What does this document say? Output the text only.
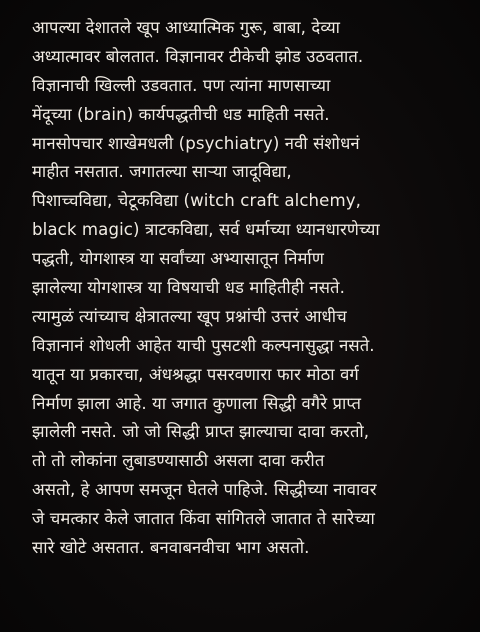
आपल्या देशातले खूप आध्यात्मिक गुरू, बाबा, देव्या
अध्यात्मावर बोलतात. विज्ञानावर टीकेची झोड उठवतात.
विज्ञानाची खिल्ली उडवतात. पण त्यांना माणसाच्या
मेंदूच्या (brain) कार्यपद्धतीची धड माहिती नसते.
मानसोपचार शाखेमधली (psychiatry) नवी संशोधनं
माहीत नसतात. जगातल्या साऱ्या जादूविद्या,
पिशाच्चविद्या, चेटूकविद्या (witch craft alchemy,
black magic) त्राटकविद्या, सर्व धर्माच्या ध्यानधारणेच्या
पद्धती, योगशास्त्र या सर्वांच्या अभ्यासातून निर्माण
झालेल्या योगशास्त्र या विषयाची धड माहितीही नसते.
त्यामुळं त्यांच्याच क्षेत्रातल्या खूप प्रश्नांची उत्तरं आधीच
विज्ञानानं शोधली आहेत याची पुसटशी कल्पनासुद्धा नसते.
यातून या प्रकारचा, अंधश्रद्धा पसरवणारा फार मोठा वर्ग
निर्माण झाला आहे. या जगात कुणाला सिद्धी वगैरे प्राप्त
झालेली नसते. जो जो सिद्धी प्राप्त झाल्याचा दावा करतो,
तो तो लोकांना लुबाडण्यासाठी असला दावा करीत
असतो, हे आपण समजून घेतले पाहिजे. सिद्धीच्या नावावर
जे चमत्कार केले जातात किंवा सांगितले जातात ते सारेच्या
सारे खोटे असतात. बनवाबनवीचा भाग असतो.
